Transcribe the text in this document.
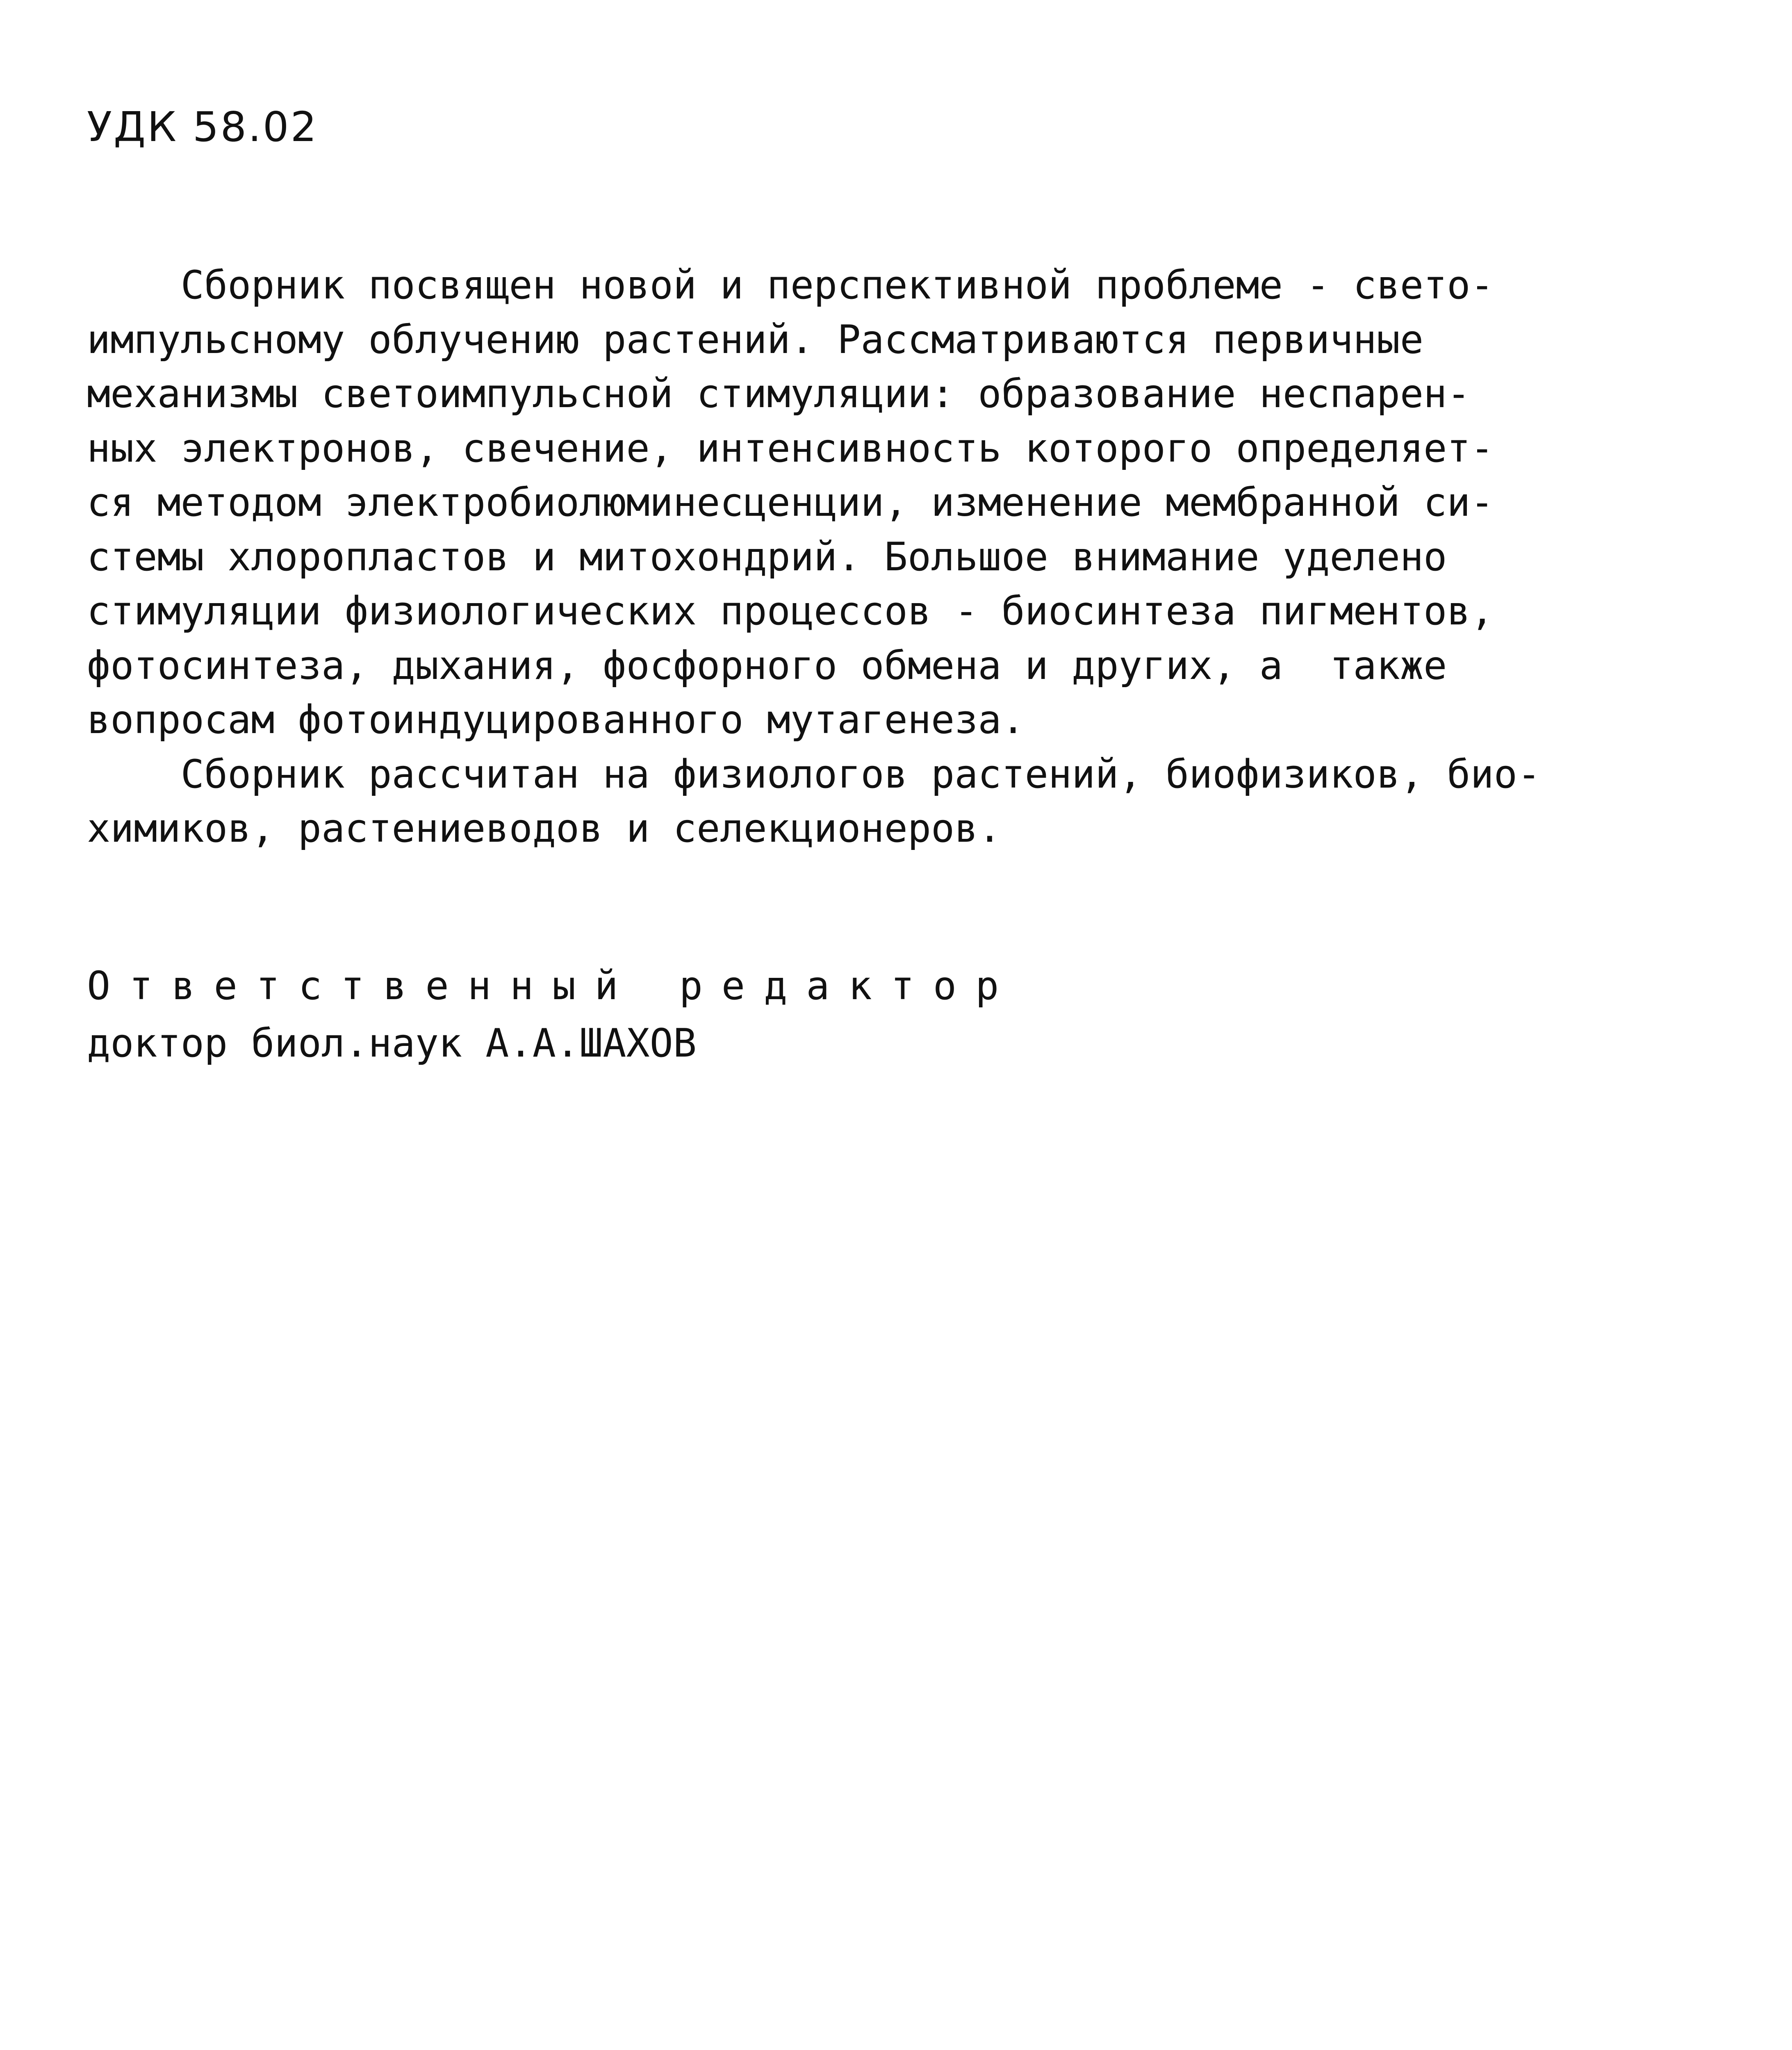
УДК 58.02
Сборник посвящен новой и перспективной проблеме - свето-
импульсному облучению растений. Рассматриваются первичные
механизмы светоимпульсной стимуляции: образование неспарен-
ных электронов, свечение, интенсивность которого определяет-
ся методом электробиолюминесценции, изменение мембранной си-
стемы хлоропластов и митохондрий. Большое внимание уделено
стимуляции физиологических процессов - биосинтеза пигментов,
фотосинтеза, дыхания, фосфорного обмена и других, а  также
вопросам фотоиндуцированного мутагенеза.
Сборник рассчитан на физиологов растений, биофизиков, био-
химиков, растениеводов и селекционеров.
Ответственный редактор
доктор биол.наук А.А.ШАХОВ
